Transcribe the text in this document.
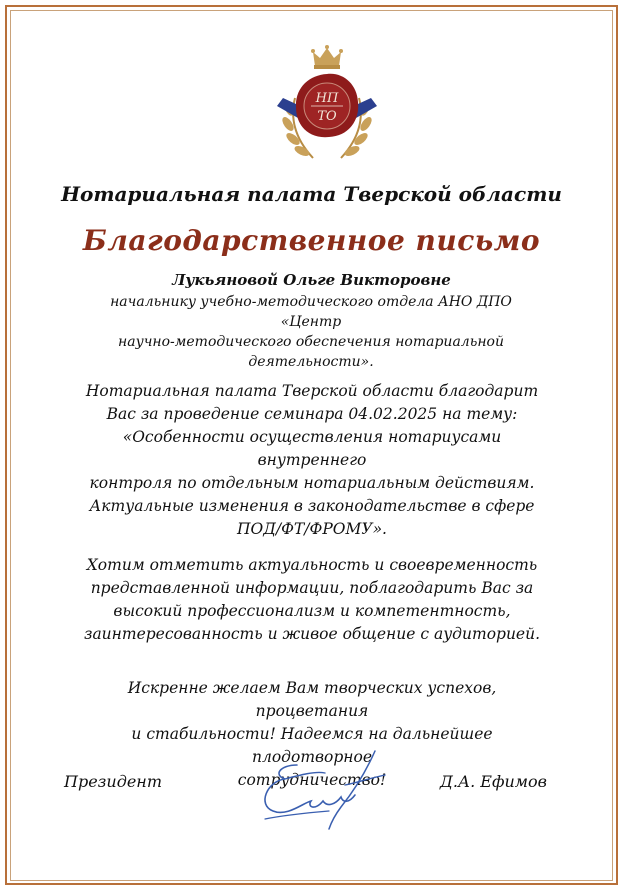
НП
ТО
Нотариальная палата Тверской области
Благодарственное письмо
Лукьяновой Ольге Викторовне
начальнику учебно-методического отдела АНО ДПО «Центр
научно-методического обеспечения нотариальной
деятельности».
Нотариальная палата Тверской области благодарит
Вас за проведение семинара 04.02.2025 на тему:
«Особенности осуществления нотариусами внутреннего
контроля по отдельным нотариальным действиям.
Актуальные изменения в законодательстве в сфере
ПОД/ФТ/ФРОМУ».
Хотим отметить актуальность и своевременность
представленной информации, поблагодарить Вас за
высокий профессионализм и компетентность,
заинтересованность и живое общение с аудиторией.
Искренне желаем Вам творческих успехов, процветания
и стабильности! Надеемся на дальнейшее плодотворное
сотрудничество!
Президент	Д.А. Ефимов
